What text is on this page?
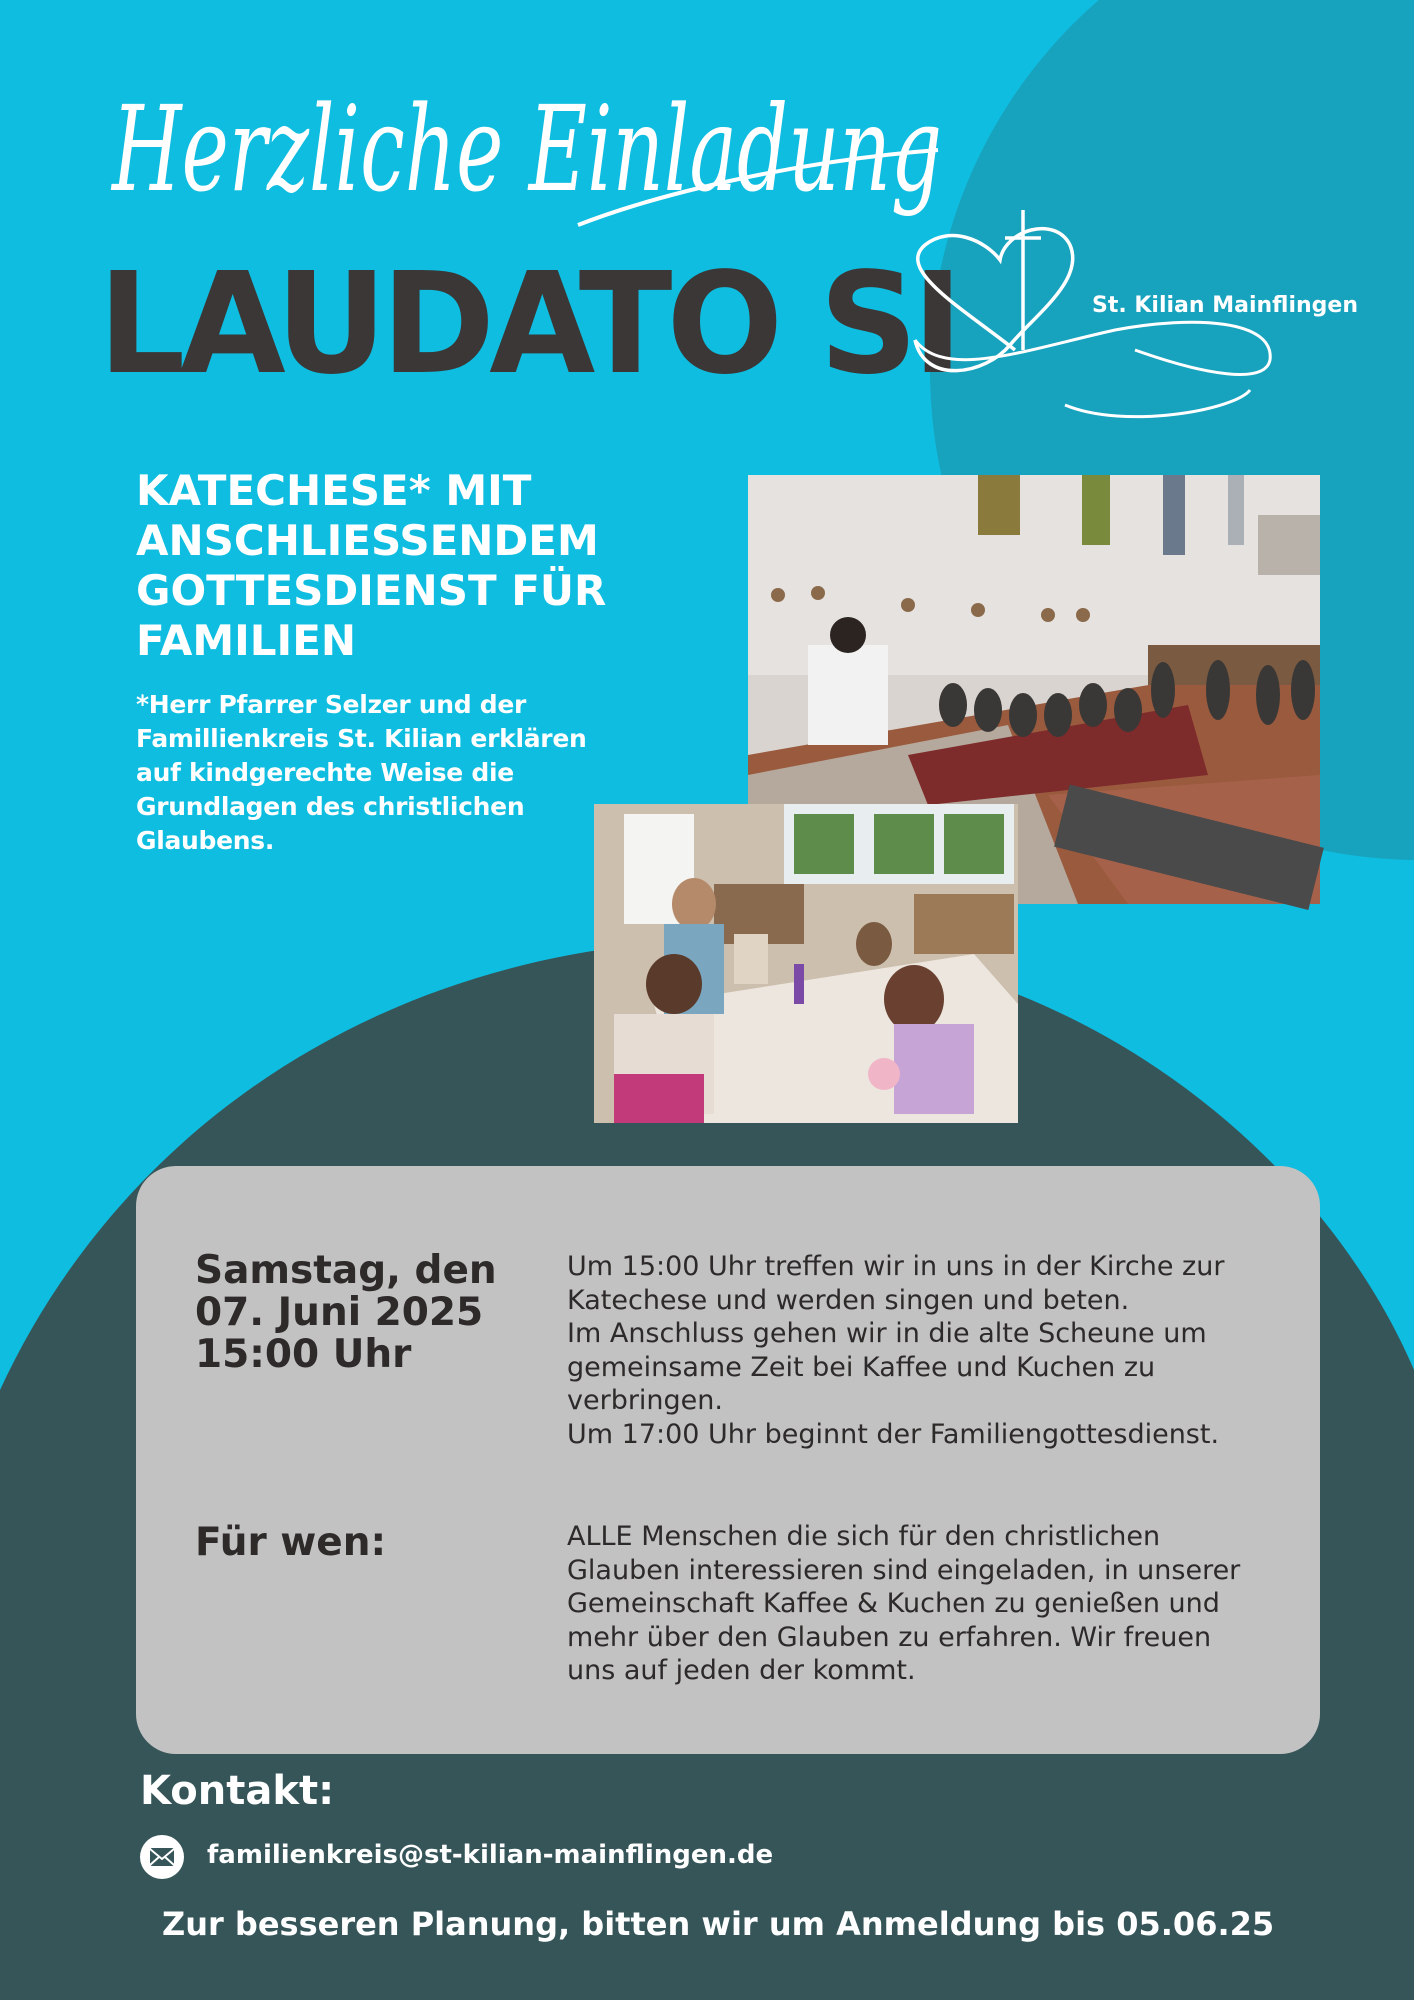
Herzliche Einladung
LAUDATO SI	St. Kilian Mainflingen
KATECHESE* MIT
ANSCHLIESSENDEM
GOTTESDIENST FÜR
FAMILIEN

*Herr Pfarrer Selzer und der Famillienkreis St. Kilian erklären auf kindgerechte Weise die Grundlagen des christlichen Glaubens.

Samstag, den
07. Juni 2025
15:00 Uhr

Um 15:00 Uhr treffen wir in uns in der Kirche zur Katechese und werden singen und beten.
Im Anschluss gehen wir in die alte Scheune um gemeinsame Zeit bei Kaffee und Kuchen zu verbringen.
Um 17:00 Uhr beginnt der Familiengottesdienst.

Für wen:	ALLE Menschen die sich für den christlichen Glauben interessieren sind eingeladen, in unserer Gemeinschaft Kaffee & Kuchen zu genießen und mehr über den Glauben zu erfahren. Wir freuen uns auf jeden der kommt.

Kontakt:
familienkreis@st-kilian-mainflingen.de

Zur besseren Planung, bitten wir um Anmeldung bis 05.06.25
